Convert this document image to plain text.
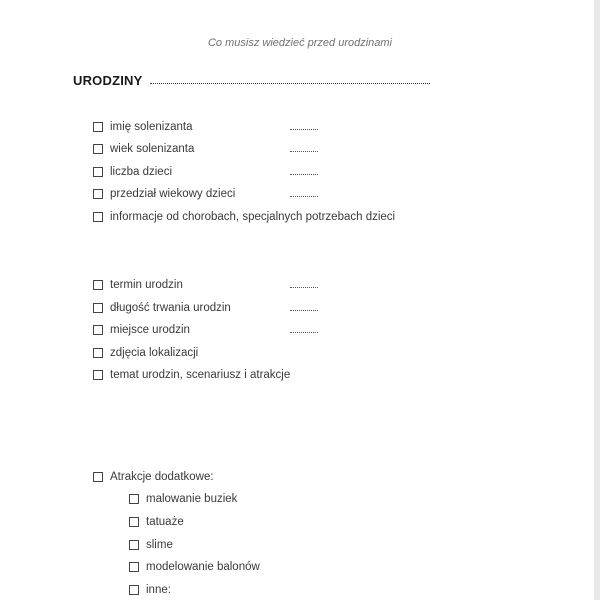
Co musisz wiedzieć przed urodzinami
URODZINY
imię solenizanta
wiek solenizanta
liczba dzieci
przedział wiekowy dzieci
informacje od chorobach, specjalnych potrzebach dzieci
termin urodzin
długość trwania urodzin
miejsce urodzin
zdjęcia lokalizacji
temat urodzin, scenariusz i atrakcje
Atrakcje dodatkowe:
malowanie buziek
tatuaże
slime
modelowanie balonów
inne:
